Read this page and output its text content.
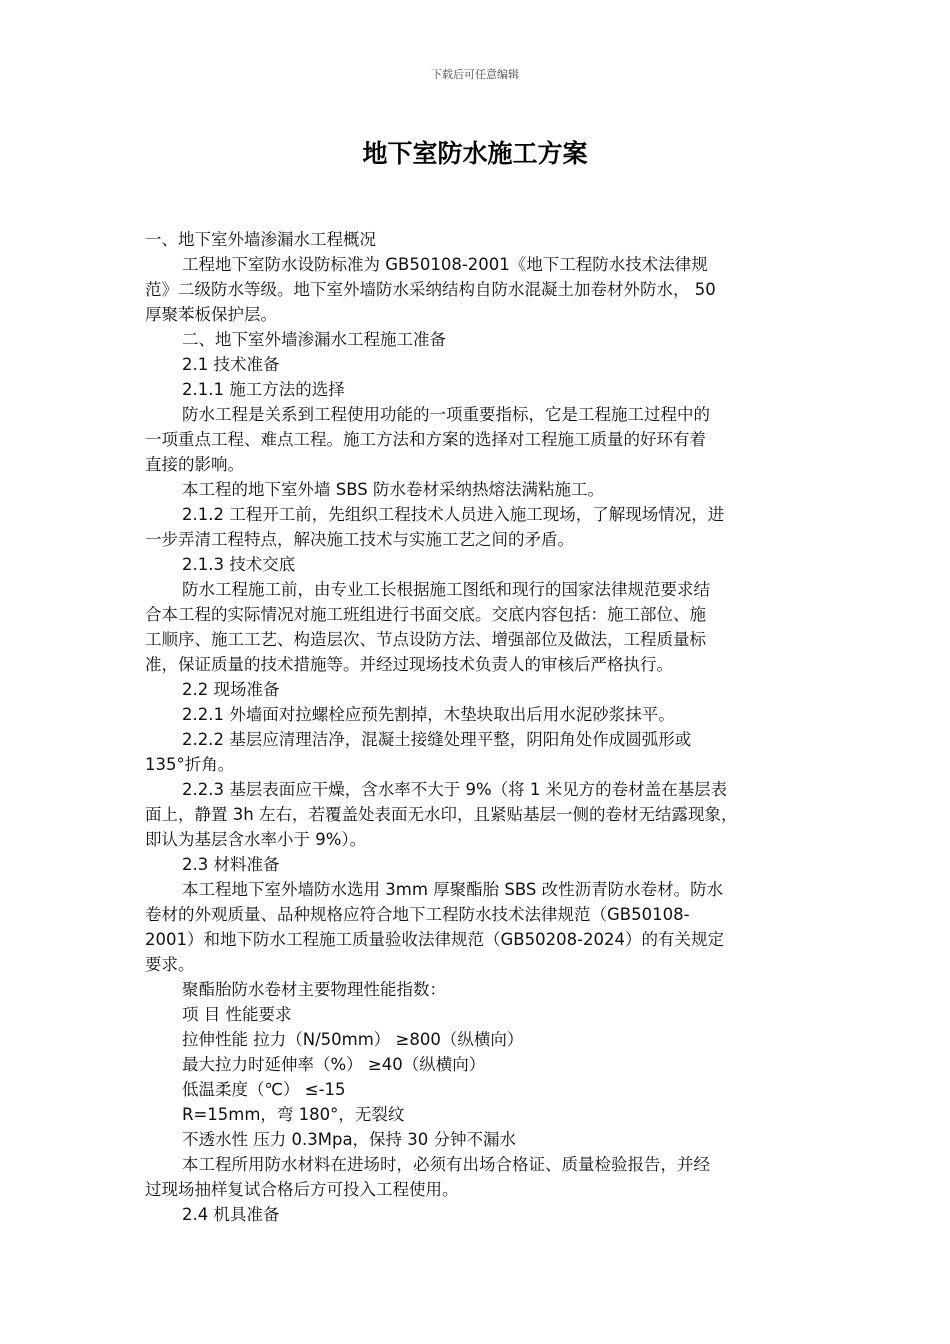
下载后可任意编辑
地下室防水施工方案
一、地下室外墙渗漏水工程概况
工程地下室防水设防标准为 GB50108-2001《地下工程防水技术法律规
范》二级防水等级。地下室外墙防水采纳结构自防水混凝土加卷材外防水， 50
厚聚苯板保护层。
二、地下室外墙渗漏水工程施工准备
2.1 技术准备
2.1.1 施工方法的选择
防水工程是关系到工程使用功能的一项重要指标，它是工程施工过程中的
一项重点工程、难点工程。施工方法和方案的选择对工程施工质量的好环有着
直接的影响。
本工程的地下室外墙 SBS 防水卷材采纳热熔法满粘施工。
2.1.2 工程开工前，先组织工程技术人员进入施工现场，了解现场情况，进
一步弄清工程特点，解决施工技术与实施工艺之间的矛盾。
2.1.3 技术交底
防水工程施工前，由专业工长根据施工图纸和现行的国家法律规范要求结
合本工程的实际情况对施工班组进行书面交底。交底内容包括：施工部位、施
工顺序、施工工艺、构造层次、节点设防方法、增强部位及做法，工程质量标
准，保证质量的技术措施等。并经过现场技术负责人的审核后严格执行。
2.2 现场准备
2.2.1 外墙面对拉螺栓应预先割掉，木垫块取出后用水泥砂浆抹平。
2.2.2 基层应清理洁净，混凝土接缝处理平整，阴阳角处作成圆弧形或
135°折角。
2.2.3 基层表面应干燥，含水率不大于 9%（将 1 米见方的卷材盖在基层表
面上，静置 3h 左右，若覆盖处表面无水印，且紧贴基层一侧的卷材无结露现象，
即认为基层含水率小于 9%）。
2.3 材料准备
本工程地下室外墙防水选用 3mm 厚聚酯胎 SBS 改性沥青防水卷材。防水
卷材的外观质量、品种规格应符合地下工程防水技术法律规范（GB50108-
2001）和地下防水工程施工质量验收法律规范（GB50208-2024）的有关规定
要求。
聚酯胎防水卷材主要物理性能指数：
项 目 性能要求
拉伸性能 拉力（N/50mm） ≥800（纵横向）
最大拉力时延伸率（%） ≥40（纵横向）
低温柔度（℃） ≤-15
R=15mm，弯 180°，无裂纹
不透水性 压力 0.3Mpa，保持 30 分钟不漏水
本工程所用防水材料在进场时，必须有出场合格证、质量检验报告，并经
过现场抽样复试合格后方可投入工程使用。
2.4 机具准备
